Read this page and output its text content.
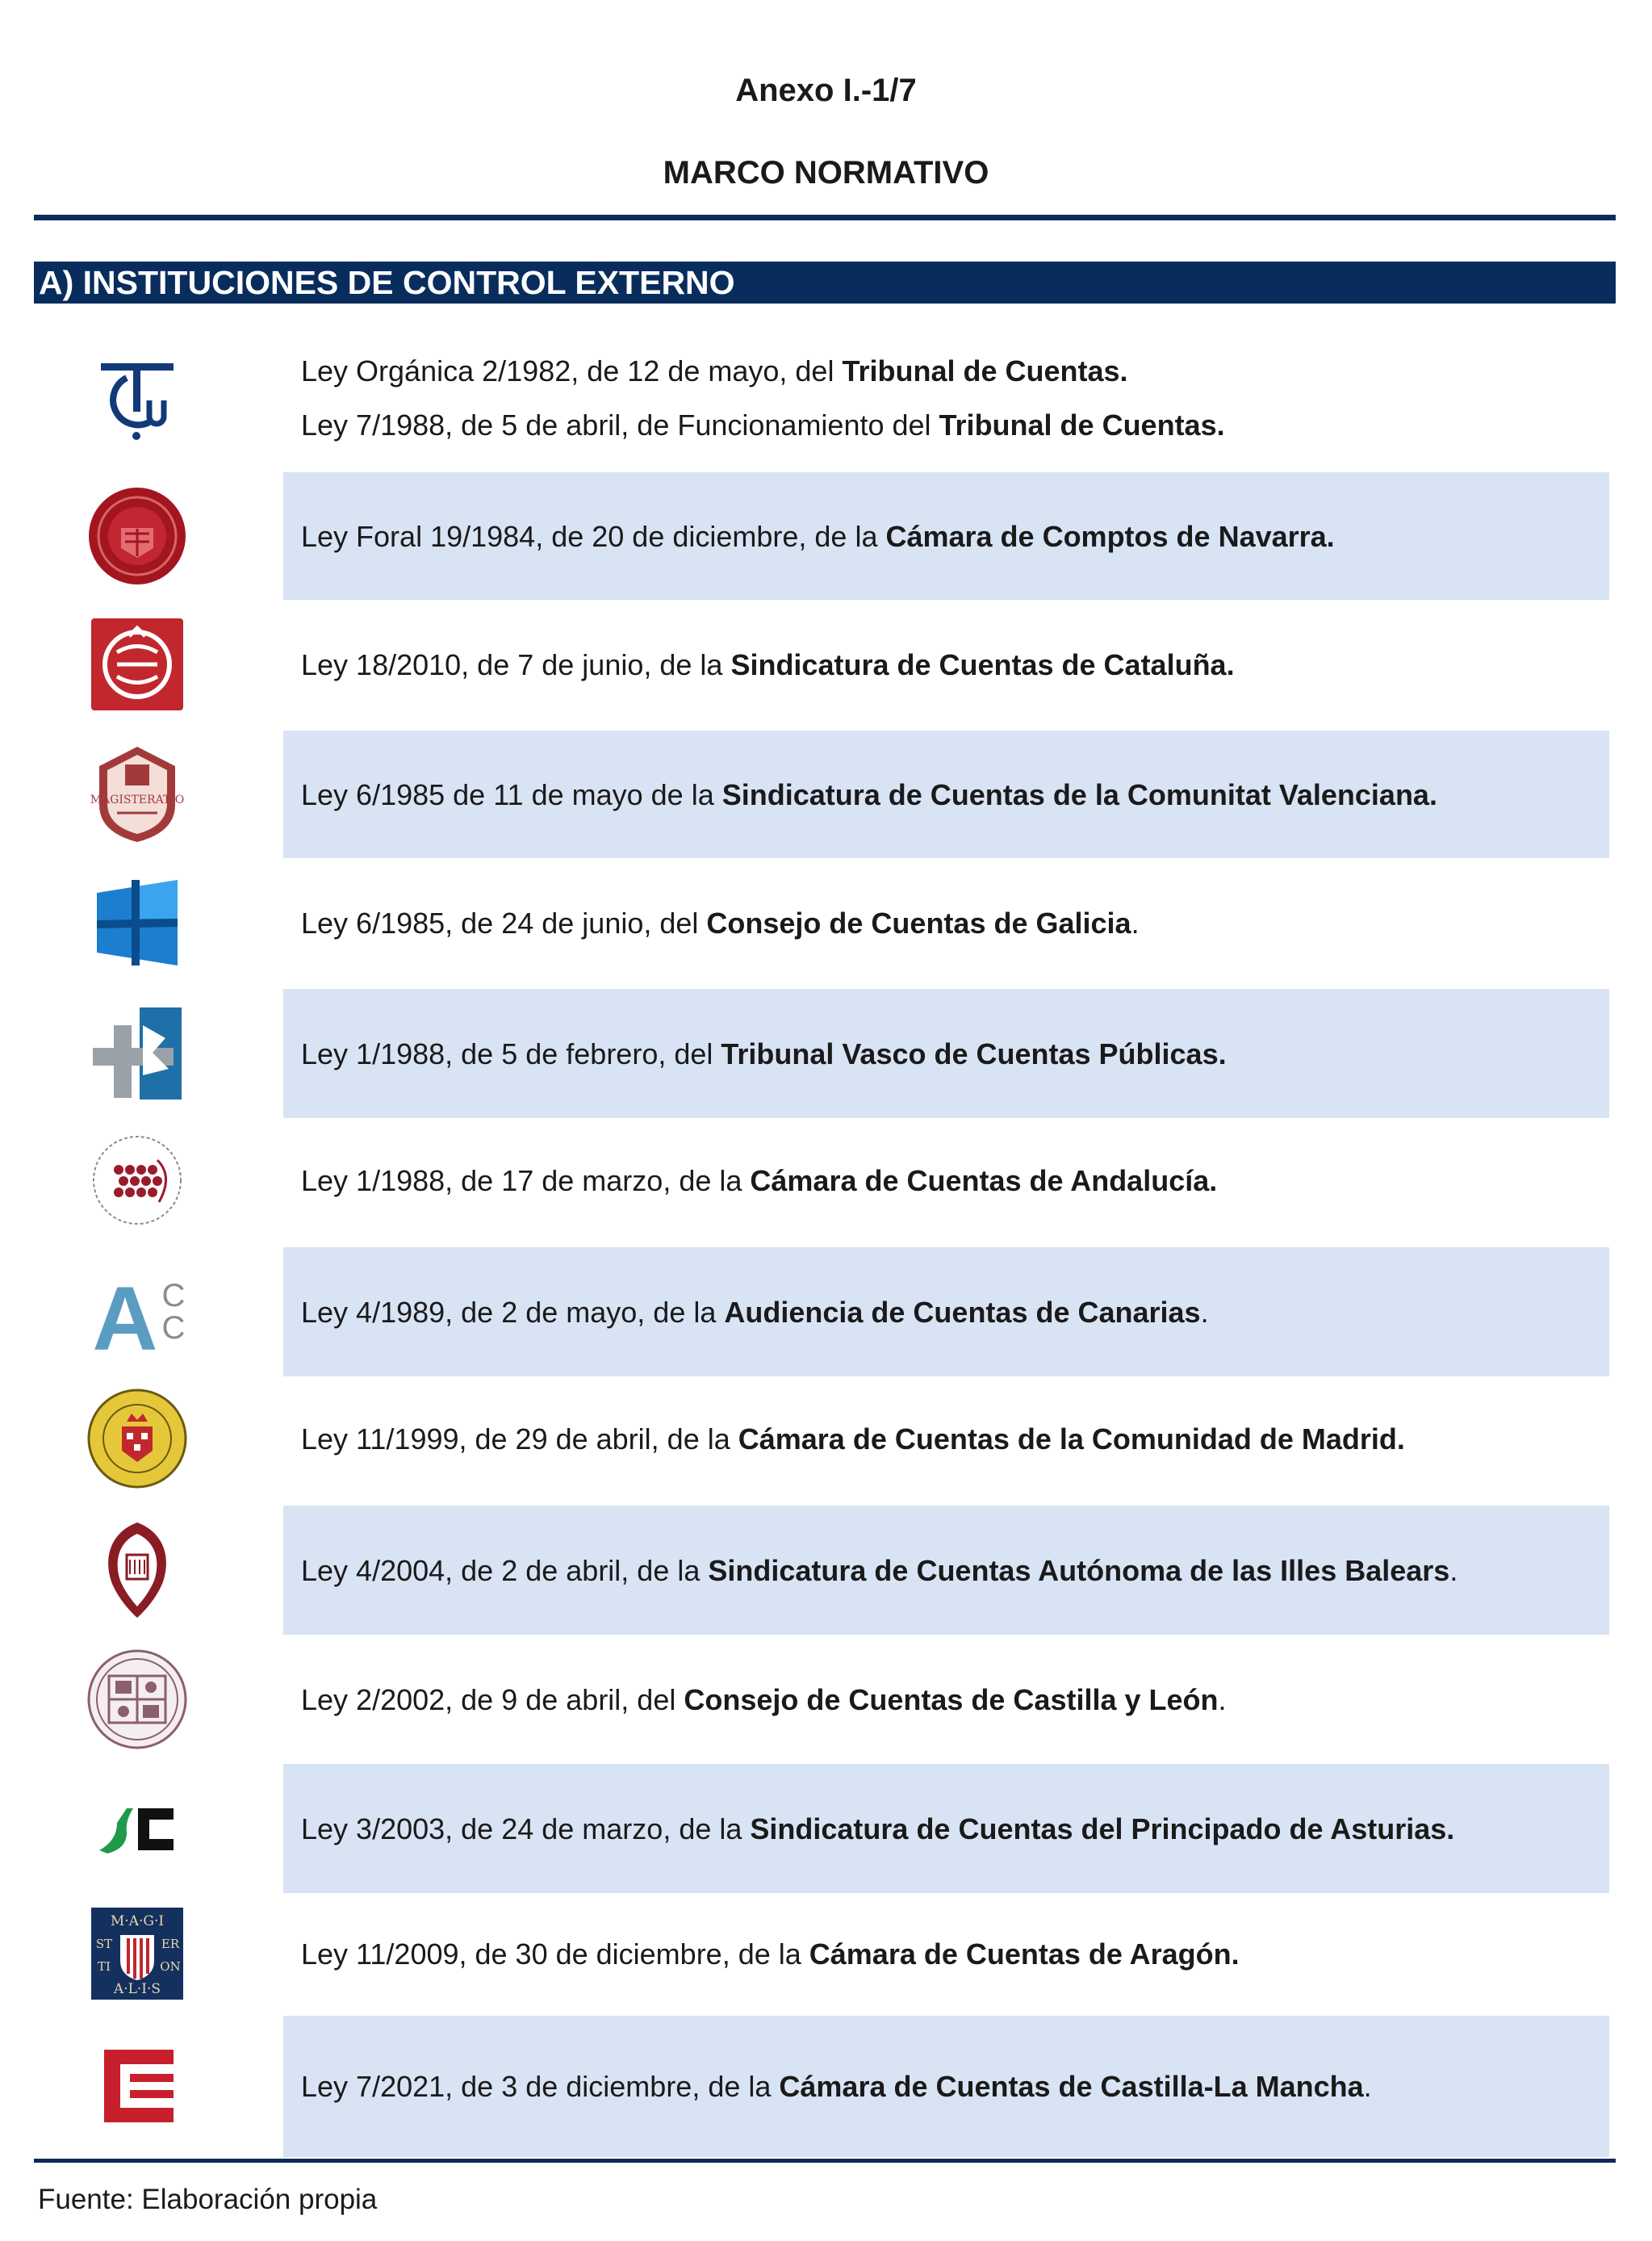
Anexo I.-1/7
MARCO NORMATIVO
A) INSTITUCIONES DE CONTROL EXTERNO
Ley Orgánica 2/1982, de 12 de mayo, del Tribunal de Cuentas.
Ley 7/1988, de 5 de abril, de Funcionamiento del Tribunal de Cuentas.
Ley Foral 19/1984, de 20 de diciembre, de la Cámara de Comptos de Navarra.
Ley 18/2010, de 7 de junio, de la Sindicatura de Cuentas de Cataluña.
MAGISTERATIO	Ley 6/1985 de 11 de mayo de la Sindicatura de Cuentas de la Comunitat Valenciana.
Ley 6/1985, de 24 de junio, del Consejo de Cuentas de Galicia.
Ley 1/1988, de 5 de febrero, del Tribunal Vasco de Cuentas Públicas.
Ley 1/1988, de 17 de marzo, de la Cámara de Cuentas de Andalucía.
A C
C	Ley 4/1989, de 2 de mayo, de la Audiencia de Cuentas de Canarias.
Ley 11/1999, de 29 de abril, de la Cámara de Cuentas de la Comunidad de Madrid.
Ley 4/2004, de 2 de abril, de la Sindicatura de Cuentas Autónoma de las Illes Balears.
Ley 2/2002, de 9 de abril, del Consejo de Cuentas de Castilla y León.
Ley 3/2003, de 24 de marzo, de la Sindicatura de Cuentas del Principado de Asturias.
M·A·G·I
ST	ER
TI	ON
A·L·I·S
Ley 11/2009, de 30 de diciembre, de la Cámara de Cuentas de Aragón.
Ley 7/2021, de 3 de diciembre, de la Cámara de Cuentas de Castilla-La Mancha.
Fuente: Elaboración propia
